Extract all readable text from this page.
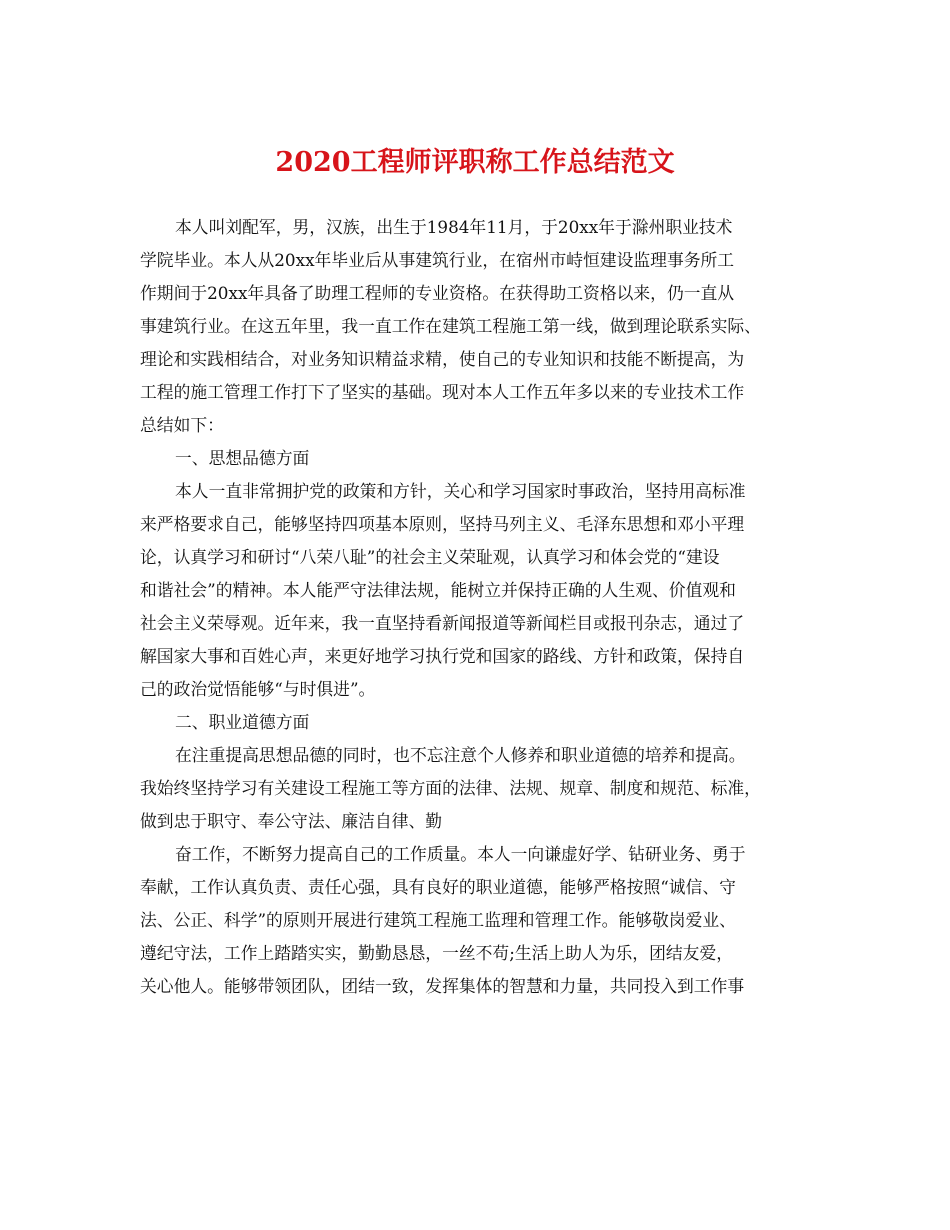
2020工程师评职称工作总结范文
本人叫刘配军，男，汉族，出生于1984年11月，于20xx年于滁州职业技术
学院毕业。本人从20xx年毕业后从事建筑行业，在宿州市峙恒建设监理事务所工
作期间于20xx年具备了助理工程师的专业资格。在获得助工资格以来，仍一直从
事建筑行业。在这五年里，我一直工作在建筑工程施工第一线，做到理论联系实际、
理论和实践相结合，对业务知识精益求精，使自己的专业知识和技能不断提高，为
工程的施工管理工作打下了坚实的基础。现对本人工作五年多以来的专业技术工作
总结如下：
一、思想品德方面
本人一直非常拥护党的政策和方针，关心和学习国家时事政治，坚持用高标准
来严格要求自己，能够坚持四项基本原则，坚持马列主义、毛泽东思想和邓小平理
论，认真学习和研讨“八荣八耻”的社会主义荣耻观，认真学习和体会党的“建设
和谐社会”的精神。本人能严守法律法规，能树立并保持正确的人生观、价值观和
社会主义荣辱观。近年来，我一直坚持看新闻报道等新闻栏目或报刊杂志，通过了
解国家大事和百姓心声，来更好地学习执行党和国家的路线、方针和政策，保持自
己的政治觉悟能够“与时俱进”。
二、职业道德方面
在注重提高思想品德的同时，也不忘注意个人修养和职业道德的培养和提高。
我始终坚持学习有关建设工程施工等方面的法律、法规、规章、制度和规范、标准，
做到忠于职守、奉公守法、廉洁自律、勤
奋工作，不断努力提高自己的工作质量。本人一向谦虚好学、钻研业务、勇于
奉献，工作认真负责、责任心强，具有良好的职业道德，能够严格按照“诚信、守
法、公正、科学”的原则开展进行建筑工程施工监理和管理工作。能够敬岗爱业、
遵纪守法，工作上踏踏实实，勤勤恳恳，一丝不苟;生活上助人为乐，团结友爱，
关心他人。能够带领团队，团结一致，发挥集体的智慧和力量，共同投入到工作事
